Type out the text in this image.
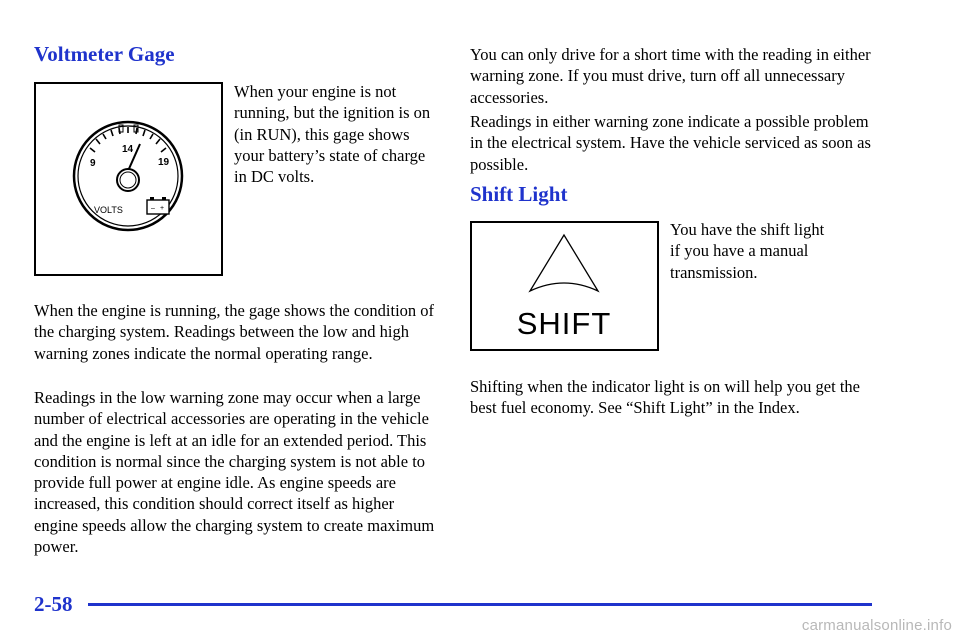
Voltmeter Gage
9
14
19
VOLTS	– +

When your engine is not running, but the ignition is on (in RUN), this gage shows your battery’s state of charge in DC volts.

When the engine is running, the gage shows the condition of the charging system. Readings between the low and high warning zones indicate the normal operating range.

Readings in the low warning zone may occur when a large number of electrical accessories are operating in the vehicle and the engine is left at an idle for an extended period. This condition is normal since the charging system is not able to provide full power at engine idle. As engine speeds are increased, this condition should correct itself as higher engine speeds allow the charging system to create maximum power.

You can only drive for a short time with the reading in either warning zone. If you must drive, turn off all unnecessary accessories.

Readings in either warning zone indicate a possible problem in the electrical system. Have the vehicle serviced as soon as possible.

Shift Light
SHIFT

You have the shift light if you have a manual transmission.

Shifting when the indicator light is on will help you get the best fuel economy. See “Shift Light” in the Index.

2-58

carmanualsonline.info
